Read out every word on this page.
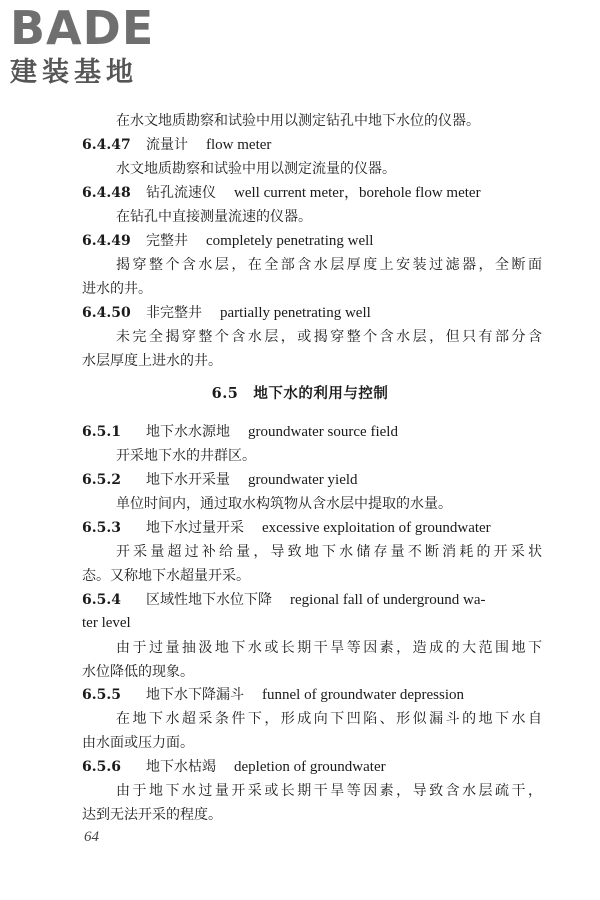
BADE
建装基地
在水文地质勘察和试验中用以测定钻孔中地下水位的仪器。
6.4.47 流量计 flow meter
水文地质勘察和试验中用以测定流量的仪器。
6.4.48 钻孔流速仪 well current meter，borehole flow meter
在钻孔中直接测量流速的仪器。
6.4.49 完整井 completely penetrating well
揭穿整个含水层，在全部含水层厚度上安装过滤器，全断面
进水的井。
6.4.50 非完整井 partially penetrating well
未完全揭穿整个含水层，或揭穿整个含水层，但只有部分含
水层厚度上进水的井。
6.5　地下水的利用与控制
6.5.1 地下水水源地 groundwater source field
开采地下水的井群区。
6.5.2 地下水开采量 groundwater yield
单位时间内，通过取水构筑物从含水层中提取的水量。
6.5.3 地下水过量开采 excessive exploitation of groundwater
开采量超过补给量，导致地下水储存量不断消耗的开采状
态。又称地下水超量开采。
6.5.4 区域性地下水位下降 regional fall of underground wa-
ter level
由于过量抽汲地下水或长期干旱等因素，造成的大范围地下
水位降低的现象。
6.5.5 地下水下降漏斗 funnel of groundwater depression
在地下水超采条件下，形成向下凹陷、形似漏斗的地下水自
由水面或压力面。
6.5.6 地下水枯竭 depletion of groundwater
由于地下水过量开采或长期干旱等因素，导致含水层疏干，
达到无法开采的程度。
64
